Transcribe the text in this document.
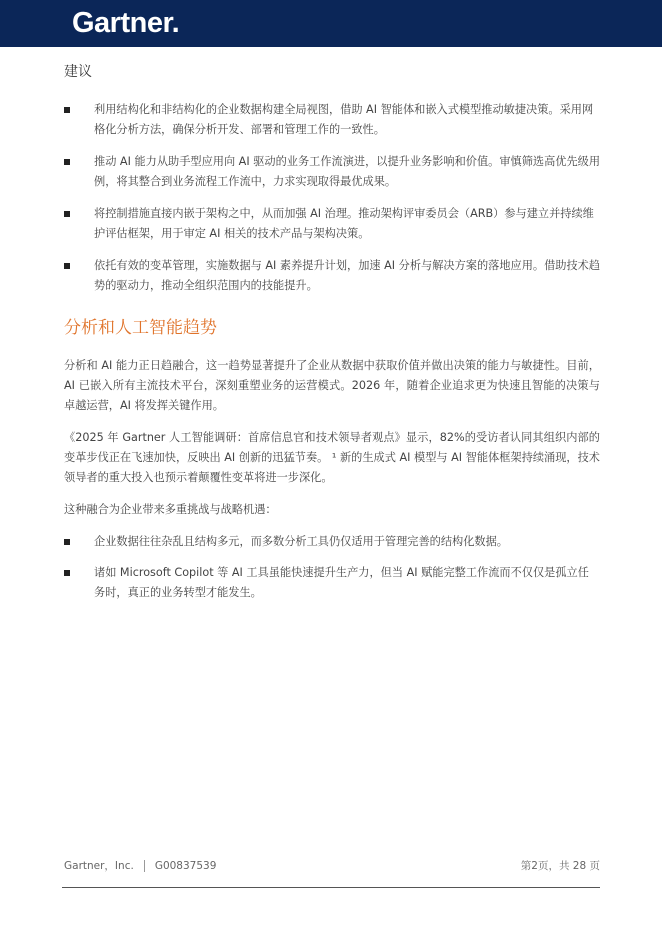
Gartner.
建议
利用结构化和非结构化的企业数据构建全局视图，借助 AI 智能体和嵌入式模型推动敏捷决策。采用网格化分析方法，确保分析开发、部署和管理工作的一致性。
推动 AI 能力从助手型应用向 AI 驱动的业务工作流演进，以提升业务影响和价值。审慎筛选高优先级用例，将其整合到业务流程工作流中，力求实现取得最优成果。
将控制措施直接内嵌于架构之中，从而加强 AI 治理。推动架构评审委员会（ARB）参与建立并持续维护评估框架，用于审定 AI 相关的技术产品与架构决策。
依托有效的变革管理，实施数据与 AI 素养提升计划，加速 AI 分析与解决方案的落地应用。借助技术趋势的驱动力，推动全组织范围内的技能提升。
分析和人工智能趋势

分析和 AI 能力正日趋融合，这一趋势显著提升了企业从数据中获取价值并做出决策的能力与敏捷性。目前，AI 已嵌入所有主流技术平台，深刻重塑业务的运营模式。2026 年，随着企业追求更为快速且智能的决策与卓越运营，AI 将发挥关键作用。

《2025 年 Gartner 人工智能调研：首席信息官和技术领导者观点》显示，82%的受访者认同其组织内部的变革步伐正在飞速加快，反映出 AI 创新的迅猛节奏。 ¹ 新的生成式 AI 模型与 AI 智能体框架持续涌现，技术领导者的重大投入也预示着颠覆性变革将进一步深化。

这种融合为企业带来多重挑战与战略机遇：

企业数据往往杂乱且结构多元，而多数分析工具仍仅适用于管理完善的结构化数据。
诸如 Microsoft Copilot 等 AI 工具虽能快速提升生产力，但当 AI 赋能完整工作流而不仅仅是孤立任务时，真正的业务转型才能发生。
Gartner，Inc. G00837539	第2页，共 28 页
